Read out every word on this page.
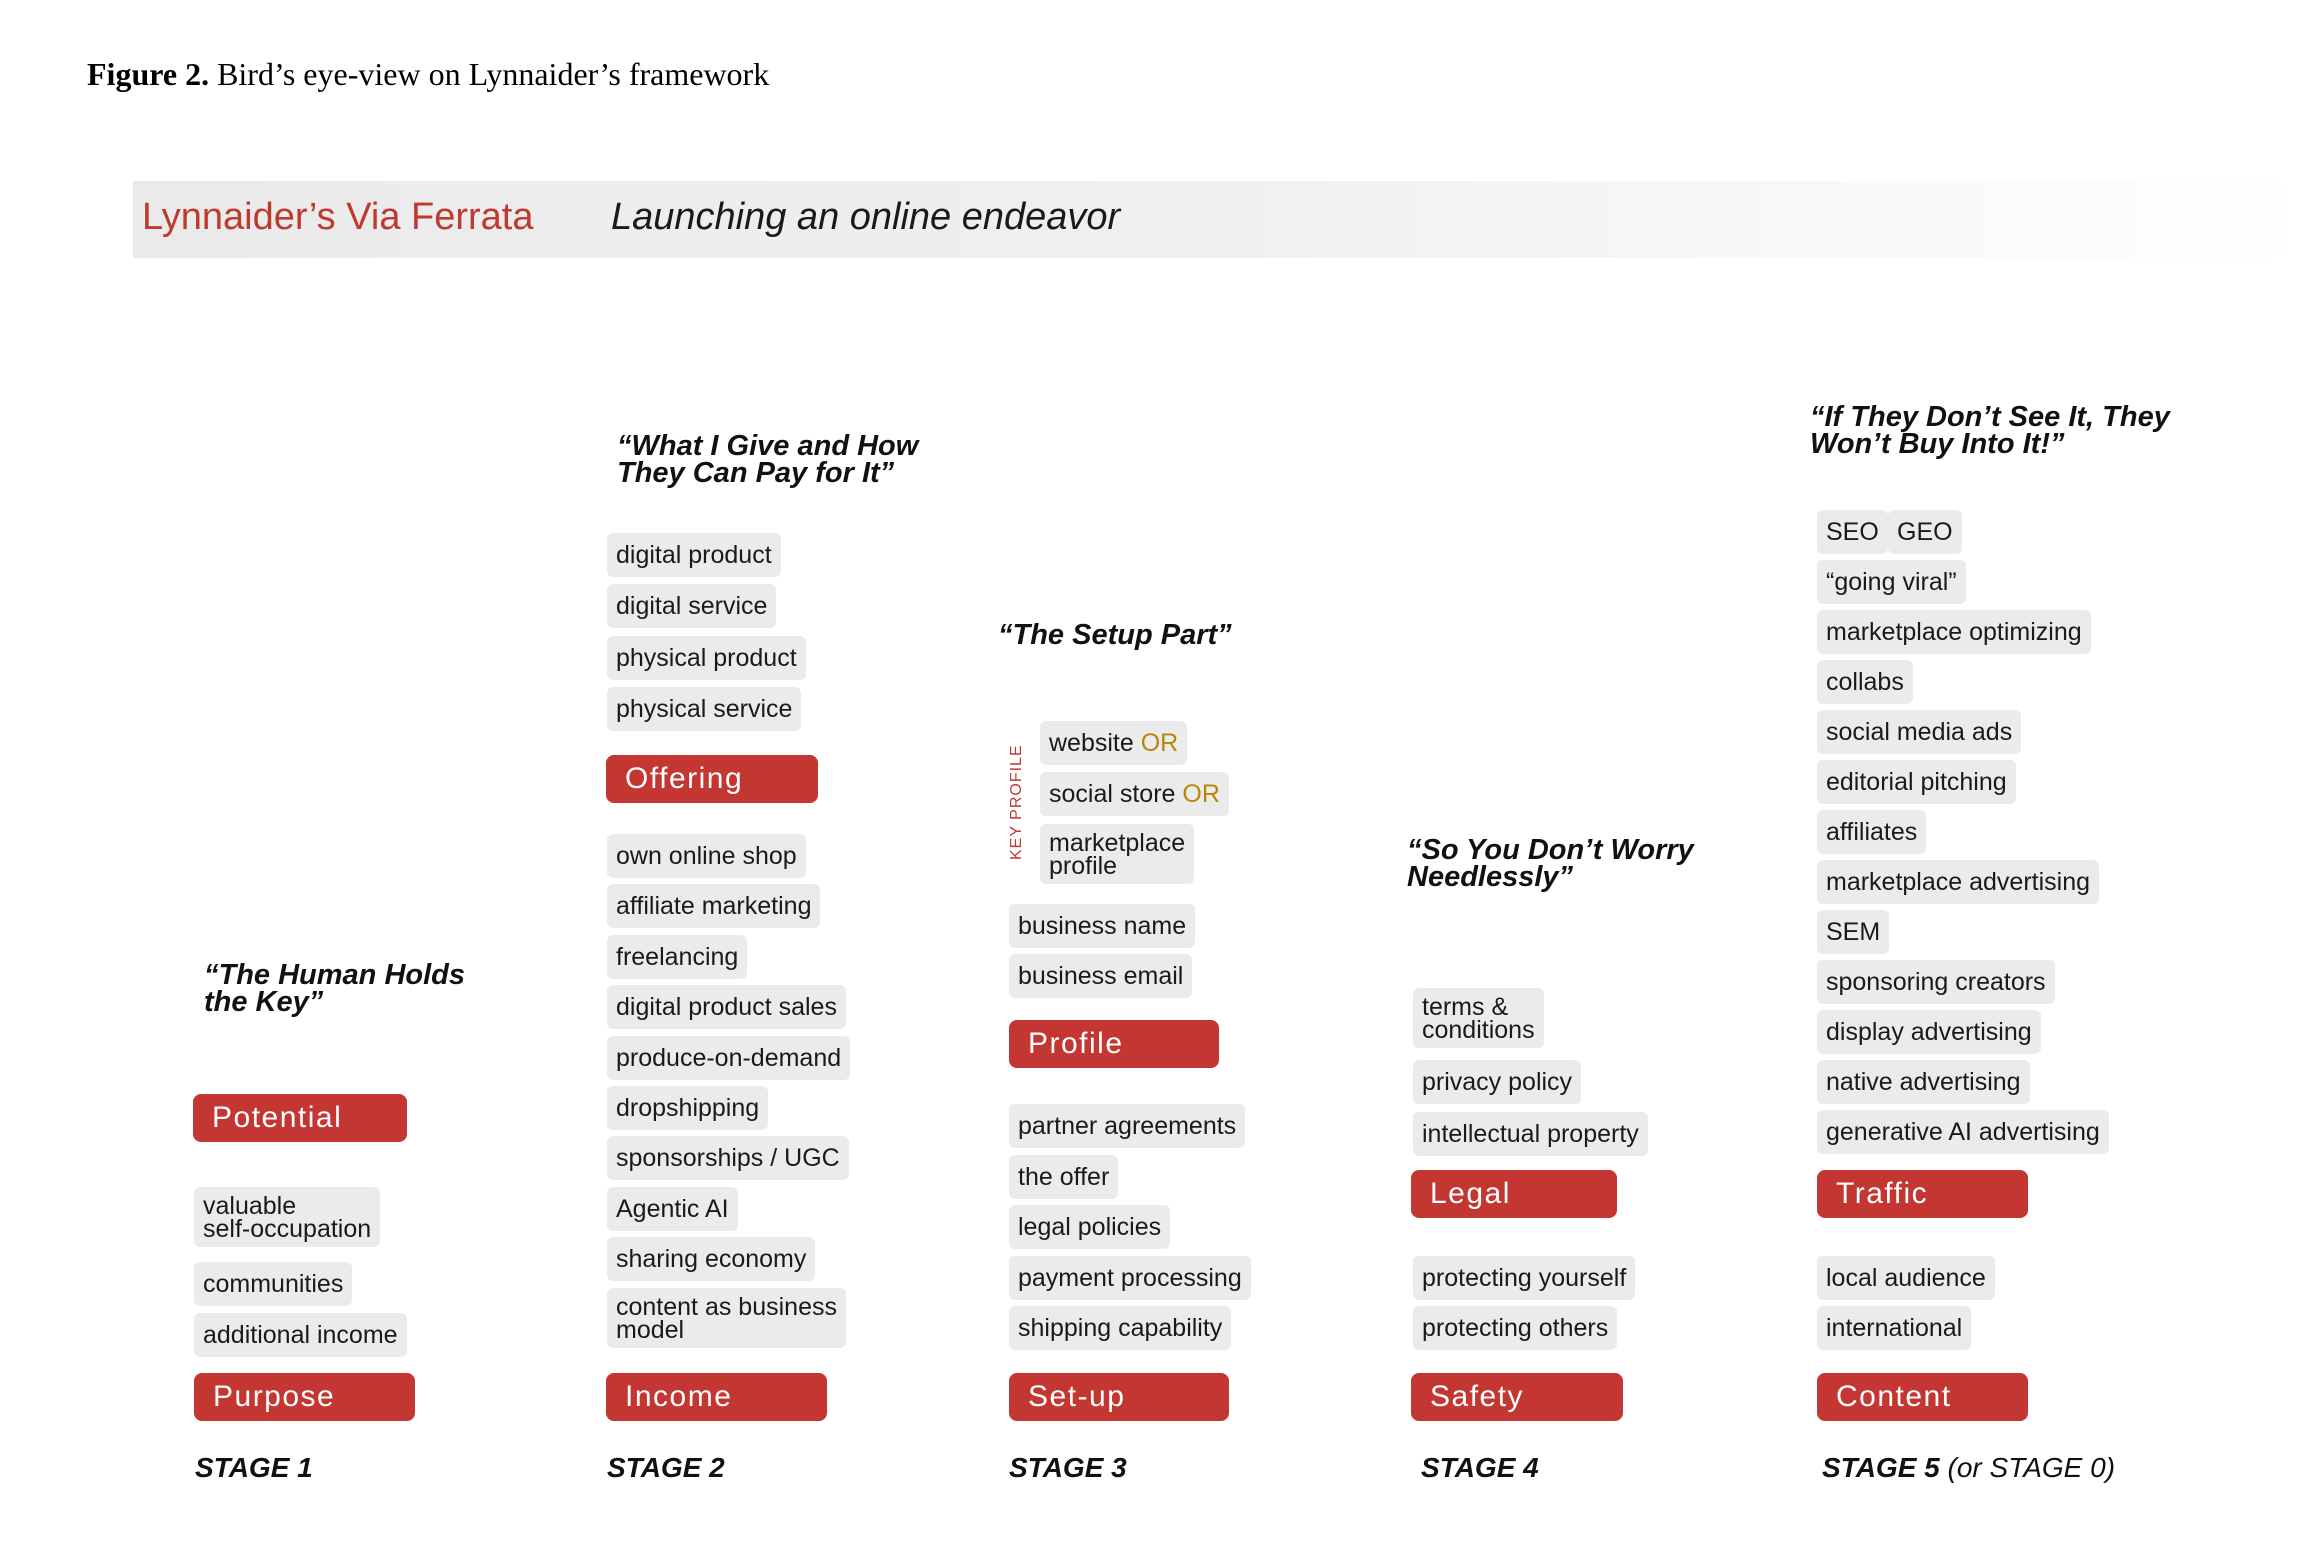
Figure 2. Bird’s eye-view on Lynnaider’s framework
Lynnaider’s Via Ferrata Launching an online endeavor
“The Human Holds
the Key”
Potential
valuable
self-occupation
communities
additional income
Purpose
STAGE 1
“What I Give and How
They Can Pay for It”
digital product
digital service
physical product
physical service
Offering
own online shop
affiliate marketing
freelancing
digital product sales
produce-on-demand
dropshipping
sponsorships / UGC
Agentic AI
sharing economy
content as business
model
Income
STAGE 2
“The Setup Part”
KEY PROFILE
website OR
social store OR
marketplace
profile
business name
business email
Profile
partner agreements
the offer
legal policies
payment processing
shipping capability
Set-up
STAGE 3
“So You Don’t Worry
Needlessly”
terms &
conditions
privacy policy
intellectual property
Legal
protecting yourself
protecting others
Safety
STAGE 4
“If They Don’t See It, They
Won’t Buy Into It!”
SEO GEO
“going viral”
marketplace optimizing
collabs
social media ads
editorial pitching
affiliates
marketplace advertising
SEM
sponsoring creators
display advertising
native advertising
generative AI advertising
Traffic
local audience
international
Content
STAGE 5 (or STAGE 0)
